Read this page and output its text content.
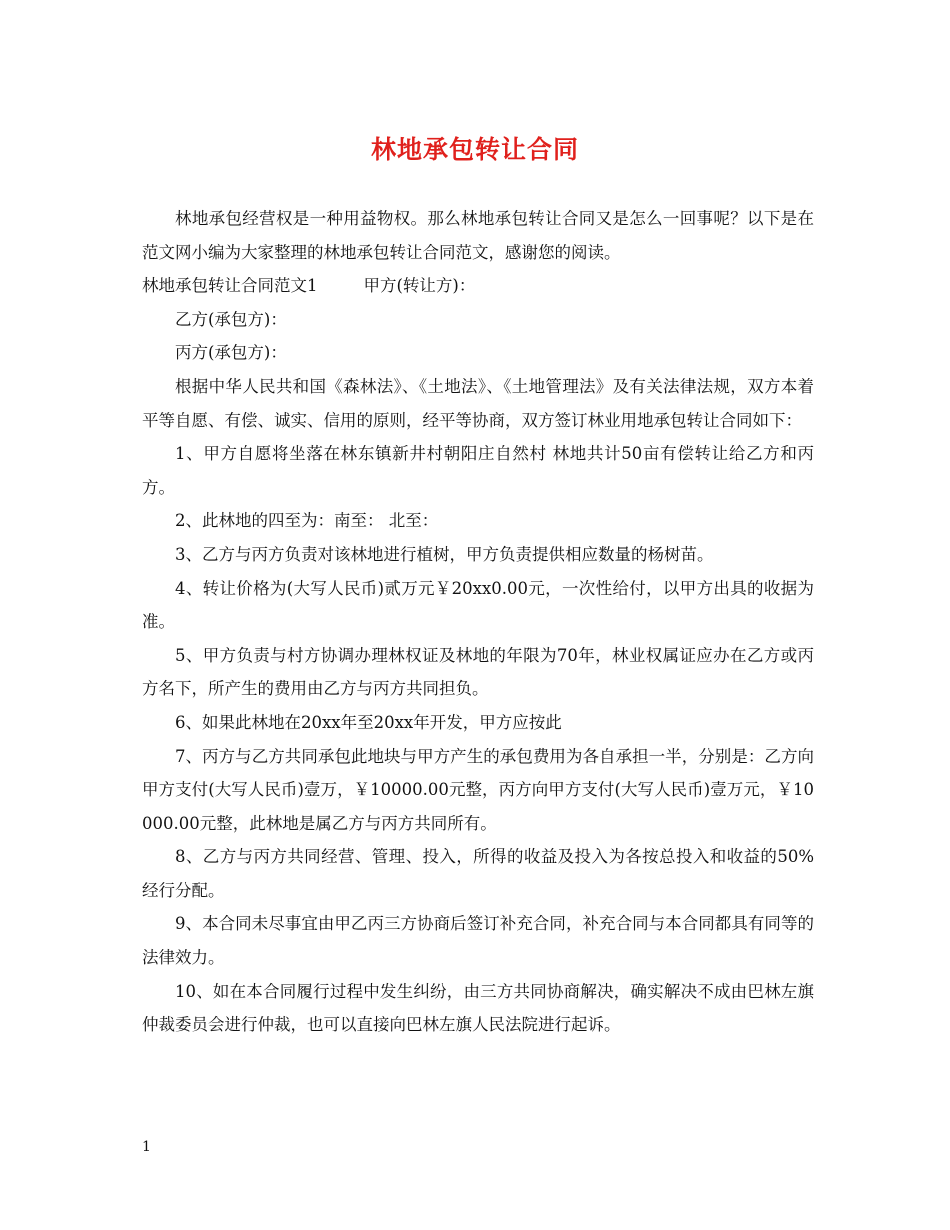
林地承包转让合同

林地承包经营权是一种用益物权。那么林地承包转让合同又是怎么一回事呢？以下是在范文网小编为大家整理的林地承包转让合同范文，感谢您的阅读。

林地承包转让合同范文1	甲方(转让方)：

乙方(承包方)：

丙方(承包方)：

根据中华人民共和国《森林法》、《土地法》、《土地管理法》及有关法律法规，双方本着平等自愿、有偿、诚实、信用的原则，经平等协商，双方签订林业用地承包转让合同如下：

1、甲方自愿将坐落在林东镇新井村朝阳庄自然村 林地共计50亩有偿转让给乙方和丙方。

2、此林地的四至为：南至： 北至：

3、乙方与丙方负责对该林地进行植树，甲方负责提供相应数量的杨树苗。

4、转让价格为(大写人民币)贰万元￥20xx0.00元，一次性给付，以甲方出具的收据为准。

5、甲方负责与村方协调办理林权证及林地的年限为70年，林业权属证应办在乙方或丙方名下，所产生的费用由乙方与丙方共同担负。

6、如果此林地在20xx年至20xx年开发，甲方应按此

7、丙方与乙方共同承包此地块与甲方产生的承包费用为各自承担一半，分别是：乙方向甲方支付(大写人民币)壹万，￥10000.00元整，丙方向甲方支付(大写人民币)壹万元，￥10000.00元整，此林地是属乙方与丙方共同所有。

8、乙方与丙方共同经营、管理、投入，所得的收益及投入为各按总投入和收益的50%经行分配。

9、本合同未尽事宜由甲乙丙三方协商后签订补充合同，补充合同与本合同都具有同等的法律效力。

10、如在本合同履行过程中发生纠纷，由三方共同协商解决，确实解决不成由巴林左旗仲裁委员会进行仲裁，也可以直接向巴林左旗人民法院进行起诉。

1
